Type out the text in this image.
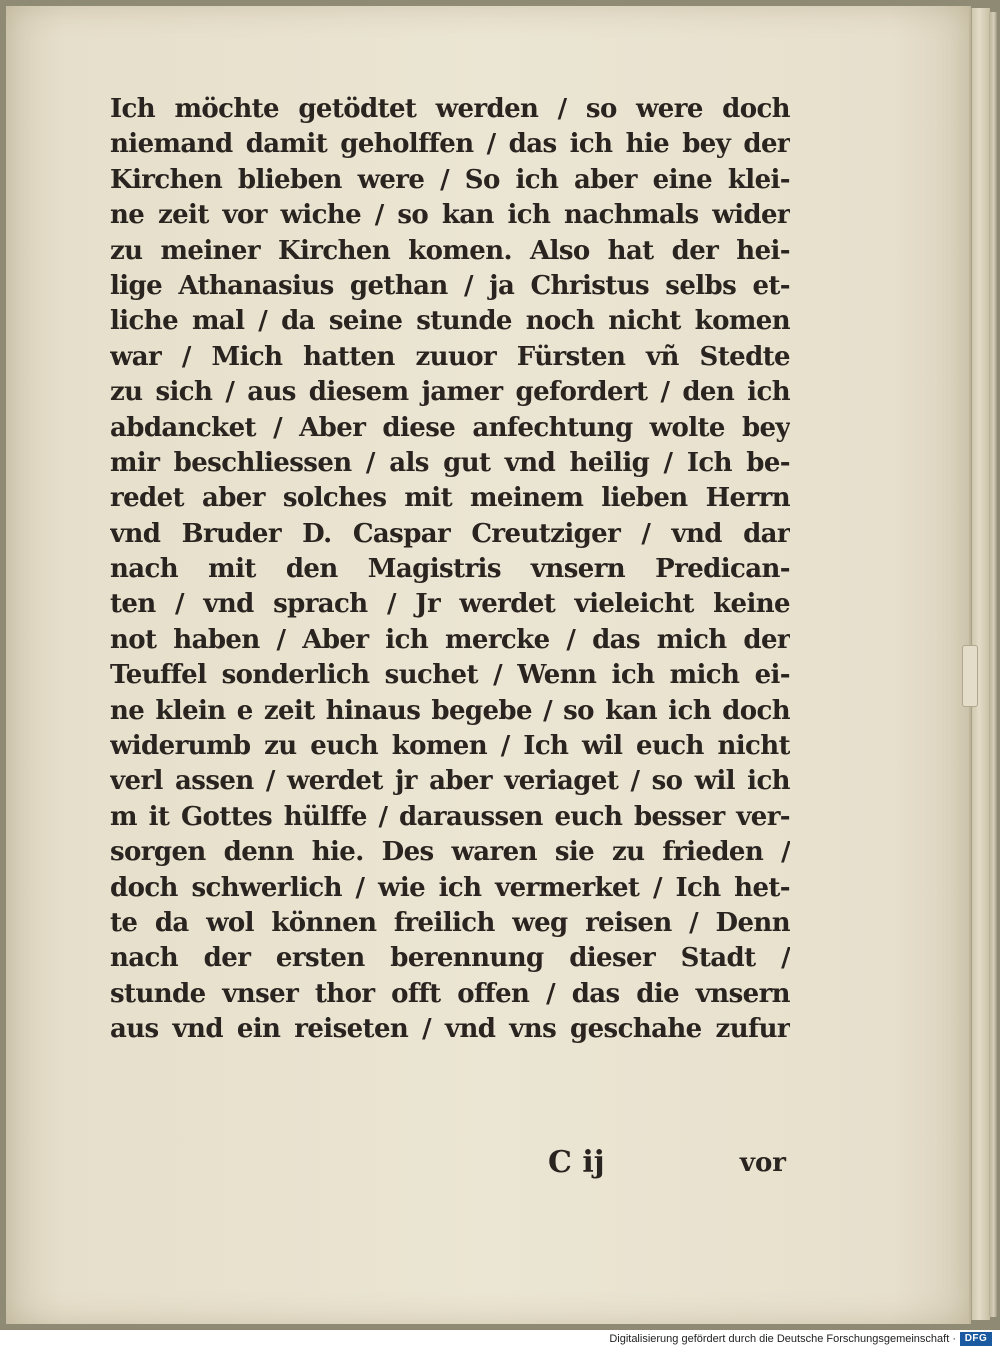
Ich möchte getödtet werden / so were doch
niemand damit geholffen / das ich hie bey der
Kirchen blieben were / So ich aber eine klei-
ne zeit vor wiche / so kan ich nachmals wider
zu meiner Kirchen komen. Also hat der hei-
lige Athanasius gethan / ja Christus selbs et-
liche mal / da seine stunde noch nicht komen
war / Mich hatten zuuor Fürsten vñ Stedte
zu sich / aus diesem jamer gefordert / den ich
abdancket / Aber diese anfechtung wolte bey
mir beschliessen / als gut vnd heilig / Ich be-
redet aber solches mit meinem lieben Herrn
vnd Bruder D. Caspar Creutziger / vnd dar
nach mit den Magistris vnsern Predican-
ten / vnd sprach / Jr werdet vieleicht keine
not haben / Aber ich mercke / das mich der
Teuffel sonderlich suchet / Wenn ich mich ei-
ne klein e zeit hinaus begebe / so kan ich doch
widerumb zu euch komen / Ich wil euch nicht
verl assen / werdet jr aber veriaget / so wil ich
m it Gottes hülffe / daraussen euch besser ver-
sorgen denn hie. Des waren sie zu frieden /
doch schwerlich / wie ich vermerket / Ich het-
te da wol können freilich weg reisen / Denn
nach der ersten berennung dieser Stadt /
stunde vnser thor offt offen / das die vnsern
aus vnd ein reiseten / vnd vns geschahe zufur
C ij	vor
Digitalisierung gefördert durch die Deutsche Forschungsgemeinschaft · DFG
